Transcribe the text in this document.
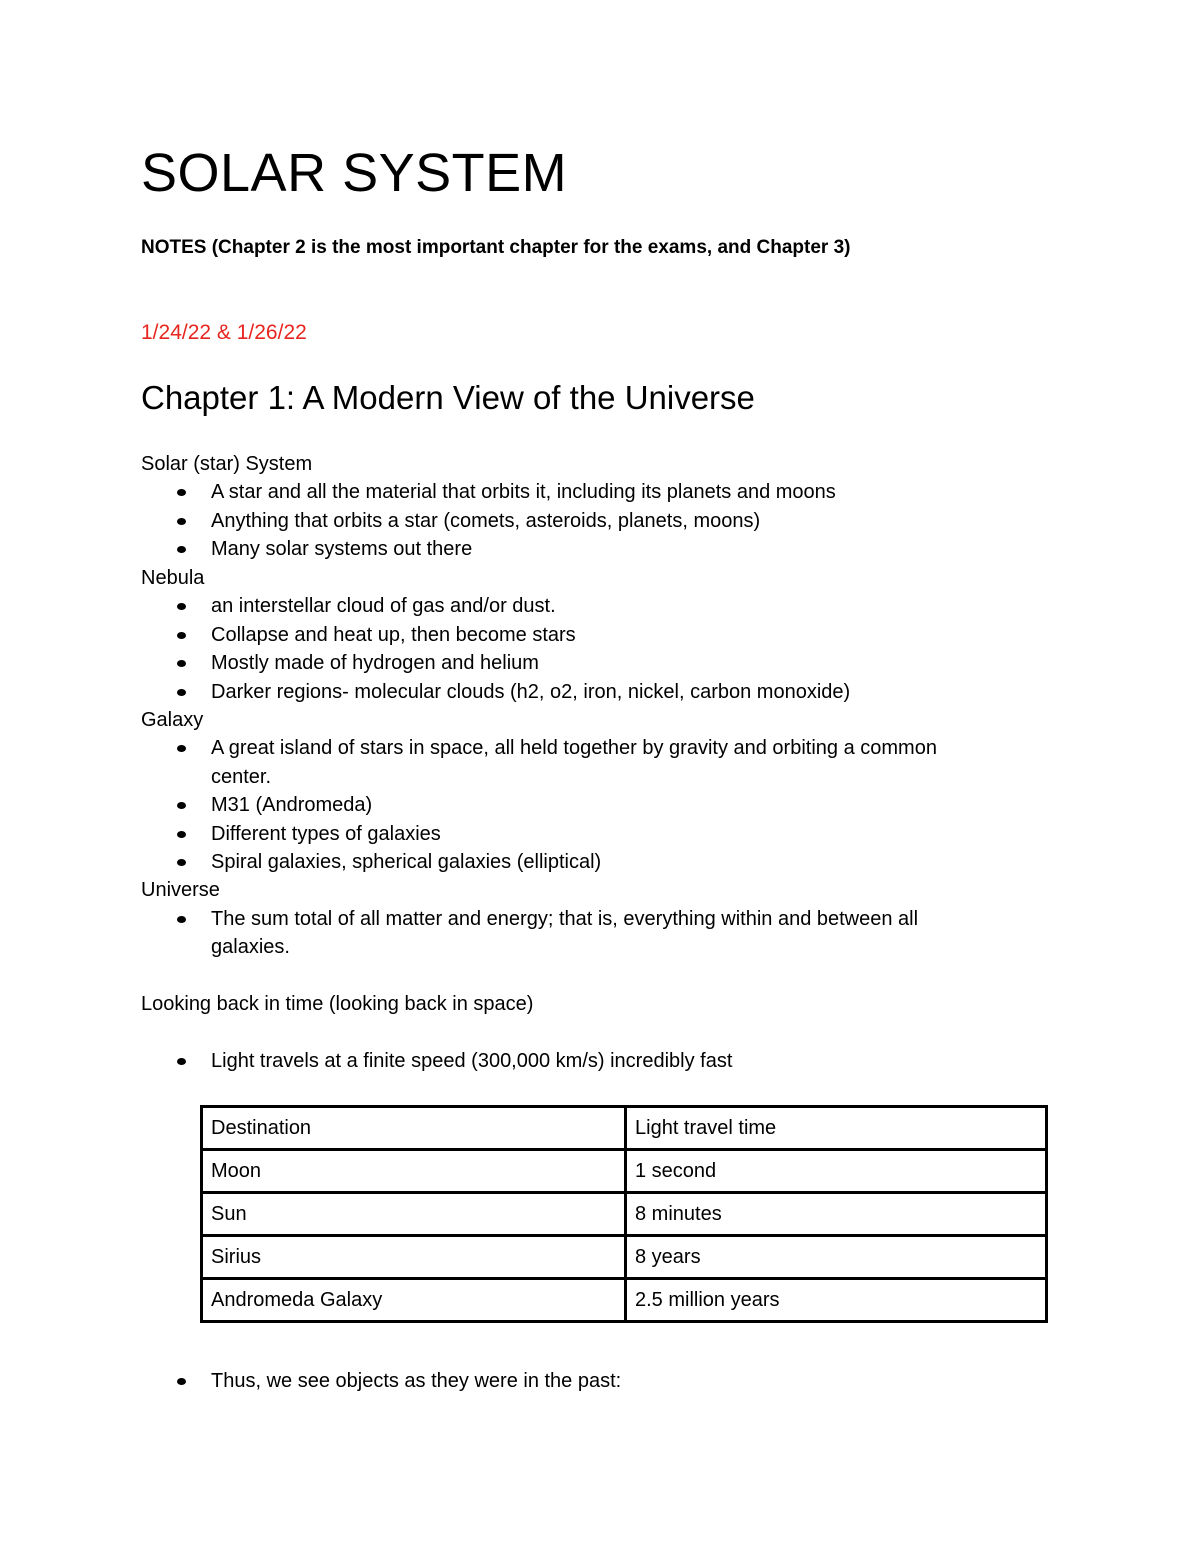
SOLAR SYSTEM
NOTES (Chapter 2 is the most important chapter for the exams, and Chapter 3)
1/24/22 & 1/26/22
Chapter 1: A Modern View of the Universe
Solar (star) System
A star and all the material that orbits it, including its planets and moons
Anything that orbits a star (comets, asteroids, planets, moons)
Many solar systems out there
Nebula
an interstellar cloud of gas and/or dust.
Collapse and heat up, then become stars
Mostly made of hydrogen and helium
Darker regions- molecular clouds (h2, o2, iron, nickel, carbon monoxide)
Galaxy
A great island of stars in space, all held together by gravity and orbiting a common
center.
M31 (Andromeda)
Different types of galaxies
Spiral galaxies, spherical galaxies (elliptical)
Universe
The sum total of all matter and energy; that is, everything within and between all
galaxies.
Looking back in time (looking back in space)
Light travels at a finite speed (300,000 km/s) incredibly fast
Destination	Light travel time
Moon	1 second
Sun	8 minutes
Sirius	8 years
Andromeda Galaxy	2.5 million years
Thus, we see objects as they were in the past:
